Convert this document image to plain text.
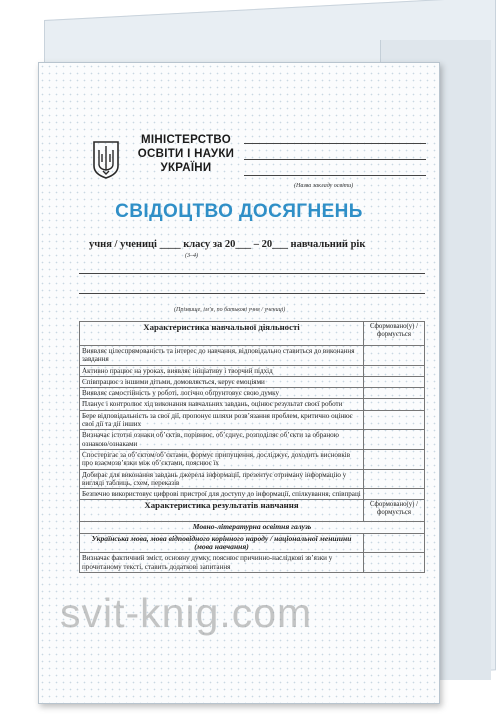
МІНІСТЕРСТВО
ОСВІТИ І НАУКИ
УКРАЇНИ
(Назва закладу освіти)
СВІДОЦТВО ДОСЯГНЕНЬ
учня / учениці ____ класу за 20___ – 20___ навчальний рік
(3–4)
(Прізвище, ім’я, по батькові учня / учениці)
Характеристика навчальної діяльності	Сформовано(у) / формується
Виявляє цілеспрямованість та інтерес до навчання, відповідально ставиться до виконання завдання	
Активно працює на уроках, виявляє ініціативу і творчий підхід	
Співпрацює з іншими дітьми, домовляється, керує емоціями	
Виявляє самостійність у роботі, логічно обґрунтовує свою думку	
Планує і контролює хід виконання навчальних завдань, оцінює результат своєї роботи	
Бере відповідальність за свої дії, пропонує шляхи розв’язання проблем, критично оцінює свої дії та дії інших	
Визначає істотні ознаки об’єктів, порівнює, об’єднує, розподіляє об’єкти за обраною ознакою/ознаками	
Спостерігає за об’єктом/об’єктами, формує припущення, досліджує, доходить висновків про взаємозв’язки між об’єктами, пояснює їх	
Добирає для виконання завдань джерела інформації, презентує отриману інформацію у вигляді таблиць, схем, переказів	
Безпечно використовує цифрові пристрої для доступу до інформації, спілкування, співпраці	
Характеристика результатів навчання	Сформовано(у) / формується
Мовно-літературна освітня галузь	
Українська мова, мова відповідного корінного народу / національної меншини (мова навчання)	
Визначає фактичний зміст, основну думку, пояснює причинно-наслідкові зв’язки у прочитаному тексті, ставить додаткові запитання	
svit-knig.com
